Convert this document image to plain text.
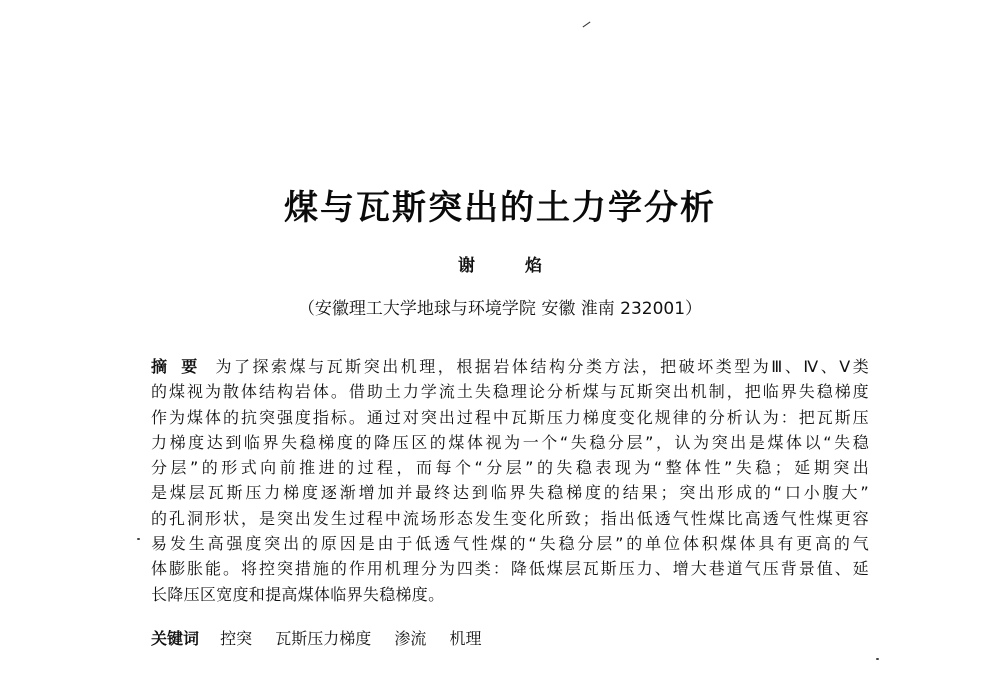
煤与瓦斯突出的土力学分析
谢 焰
（安徽理工大学地球与环境学院 安徽 淮南 232001）
摘要 为了探索煤与瓦斯突出机理，根据岩体结构分类方法，把破坏类型为Ⅲ、Ⅳ、Ⅴ类
的煤视为散体结构岩体。借助土力学流土失稳理论分析煤与瓦斯突出机制，把临界失稳梯度
作为煤体的抗突强度指标。通过对突出过程中瓦斯压力梯度变化规律的分析认为：把瓦斯压
力梯度达到临界失稳梯度的降压区的煤体视为一个“失稳分层”，认为突出是煤体以“失稳
分层”的形式向前推进的过程，而每个“分层”的失稳表现为“整体性”失稳；延期突出
是煤层瓦斯压力梯度逐渐增加并最终达到临界失稳梯度的结果；突出形成的“口小腹大”
的孔洞形状，是突出发生过程中流场形态发生变化所致；指出低透气性煤比高透气性煤更容
易发生高强度突出的原因是由于低透气性煤的“失稳分层”的单位体积煤体具有更高的气
体膨胀能。将控突措施的作用机理分为四类：降低煤层瓦斯压力、增大巷道气压背景值、延
长降压区宽度和提高煤体临界失稳梯度。
关键词 控突 瓦斯压力梯度 渗流 机理
